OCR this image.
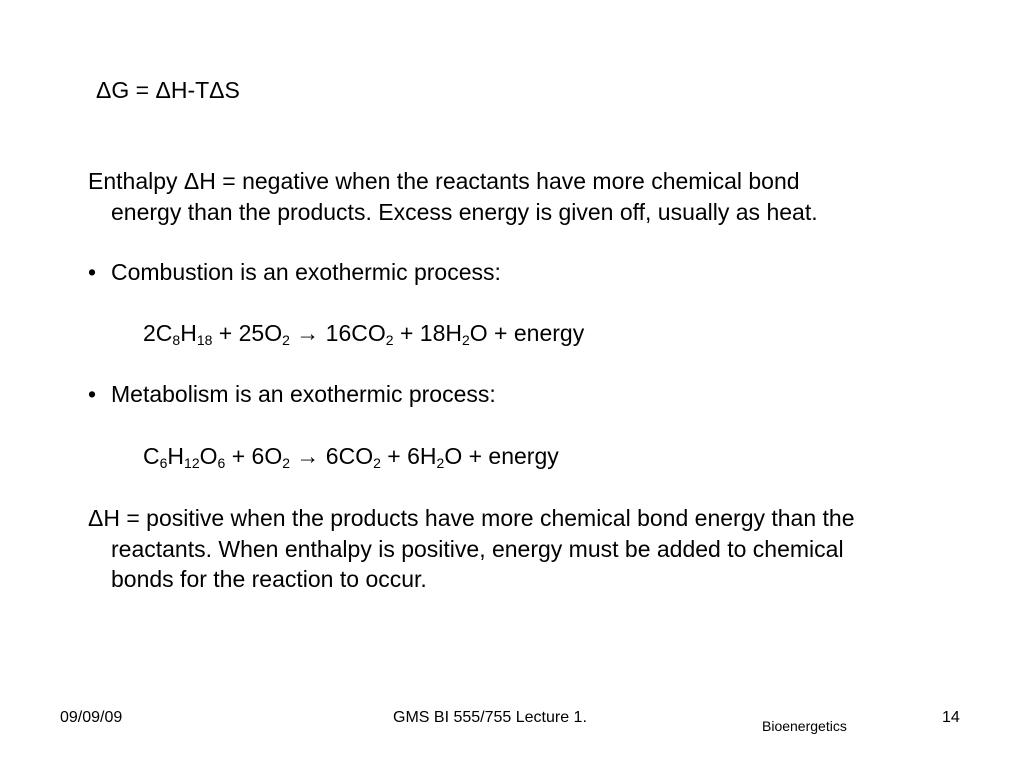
ΔG = ΔH-TΔS
Enthalpy ΔH = negative when the reactants have more chemical bond
energy than the products. Excess energy is given off, usually as heat.
• Combustion is an exothermic process:
$2C_8H_{18} + 25O_2 \to 16CO_2 + 18H_2O$ + energy
• Metabolism is an exothermic process:
$C_6H_{12}O_6 + 6O_2 \to 6CO_2 + 6H_2O$ + energy
ΔH = positive when the products have more chemical bond energy than the
reactants. When enthalpy is positive, energy must be added to chemical
bonds for the reaction to occur.
09/09/09	GMS BI 555/755 Lecture 1.	Bioenergetics	14
